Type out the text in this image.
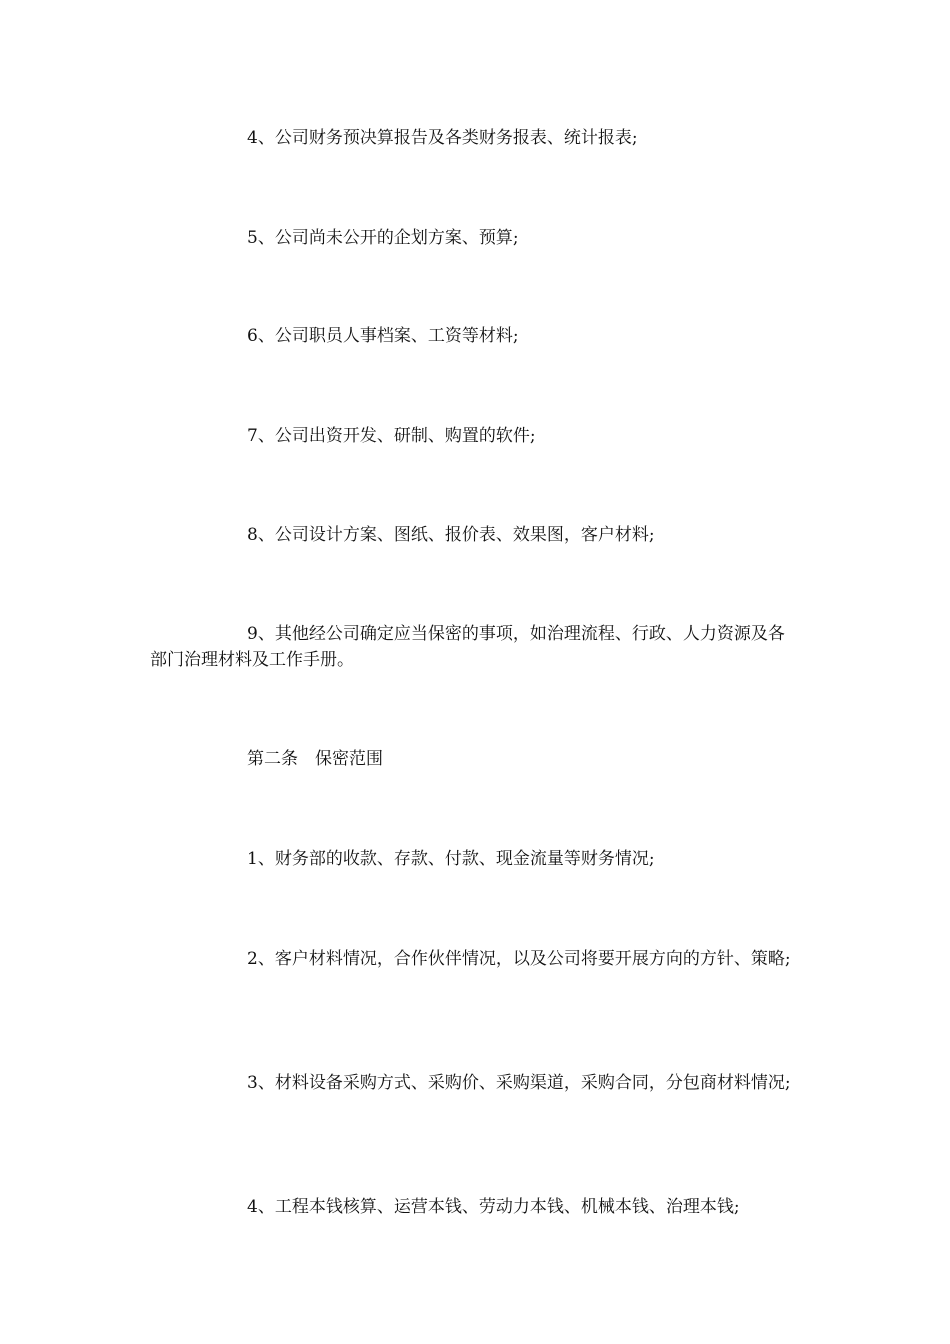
4、公司财务预决算报告及各类财务报表、统计报表;

5、公司尚未公开的企划方案、预算;

6、公司职员人事档案、工资等材料;

7、公司出资开发、研制、购置的软件;

8、公司设计方案、图纸、报价表、效果图，客户材料;

9、其他经公司确定应当保密的事项，如治理流程、行政、人力资源及各部门治理材料及工作手册。

第二条　保密范围

1、财务部的收款、存款、付款、现金流量等财务情况;

2、客户材料情况，合作伙伴情况，以及公司将要开展方向的方针、策略;

3、材料设备采购方式、采购价、采购渠道，采购合同，分包商材料情况;

4、工程本钱核算、运营本钱、劳动力本钱、机械本钱、治理本钱;
